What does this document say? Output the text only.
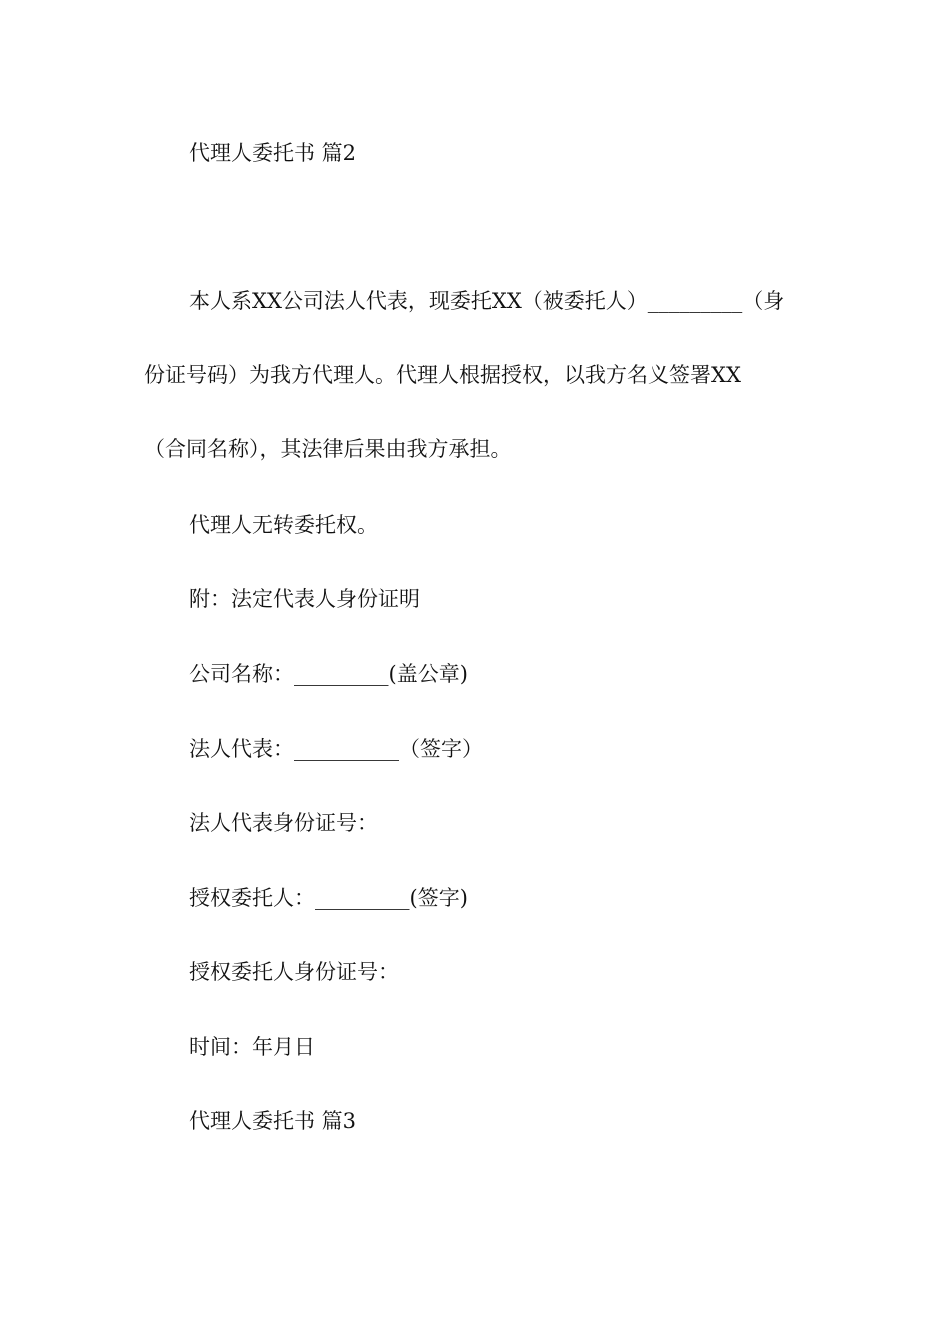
代理人委托书 篇2

本人系XX公司法人代表，现委托XX（被委托人）_________（身
份证号码）为我方代理人。代理人根据授权，以我方名义签署XX
（合同名称），其法律后果由我方承担。

代理人无转委托权。

附：法定代表人身份证明

公司名称：_________(盖公章)

法人代表：__________（签字）

法人代表身份证号：

授权委托人：_________(签字)

授权委托人身份证号：

时间：年月日

代理人委托书 篇3
